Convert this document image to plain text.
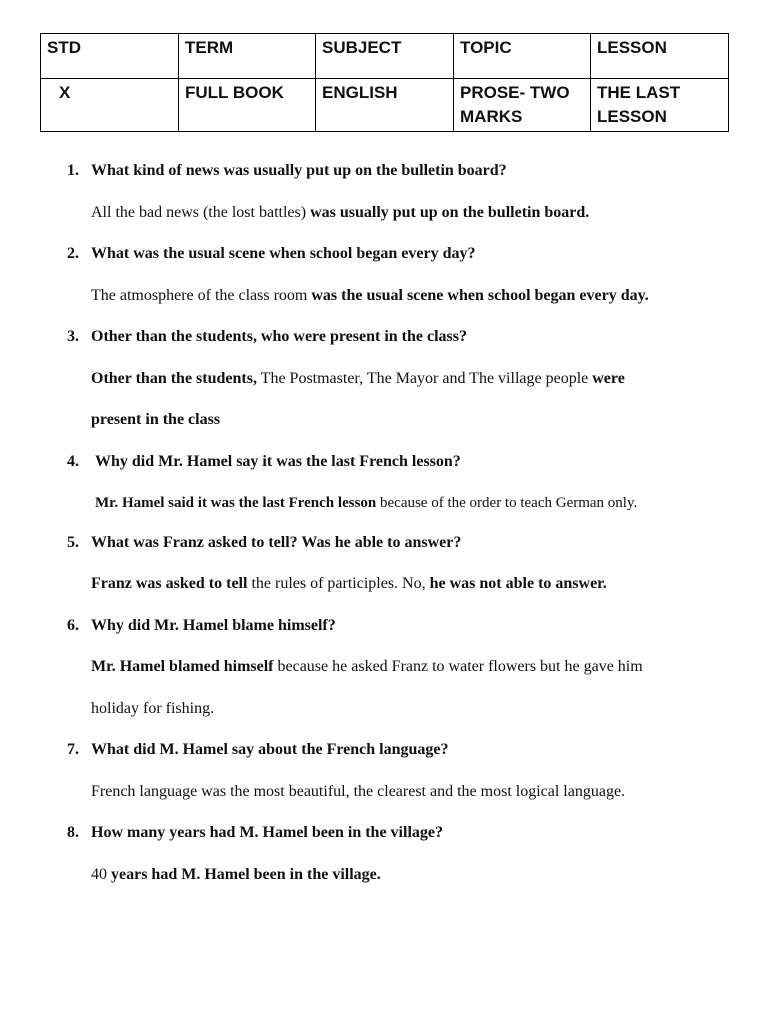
STD	TERM	SUBJECT	TOPIC	LESSON
X	FULL BOOK	ENGLISH	PROSE- TWO MARKS	THE LAST LESSON
1. What kind of news was usually put up on the bulletin board?
All the bad news (the lost battles) was usually put up on the bulletin board.
2. What was the usual scene when school began every day?
The atmosphere of the class room was the usual scene when school began every day.
3. Other than the students, who were present in the class?
Other than the students, The Postmaster, The Mayor and The village people were
present in the class
4. Why did Mr. Hamel say it was the last French lesson?
Mr. Hamel said it was the last French lesson because of the order to teach German only.
5. What was Franz asked to tell? Was he able to answer?
Franz was asked to tell the rules of participles. No, he was not able to answer.
6. Why did Mr. Hamel blame himself?
Mr. Hamel blamed himself because he asked Franz to water flowers but he gave him
holiday for fishing.
7. What did M. Hamel say about the French language?
French language was the most beautiful, the clearest and the most logical language.
8. How many years had M. Hamel been in the village?
40 years had M. Hamel been in the village.
